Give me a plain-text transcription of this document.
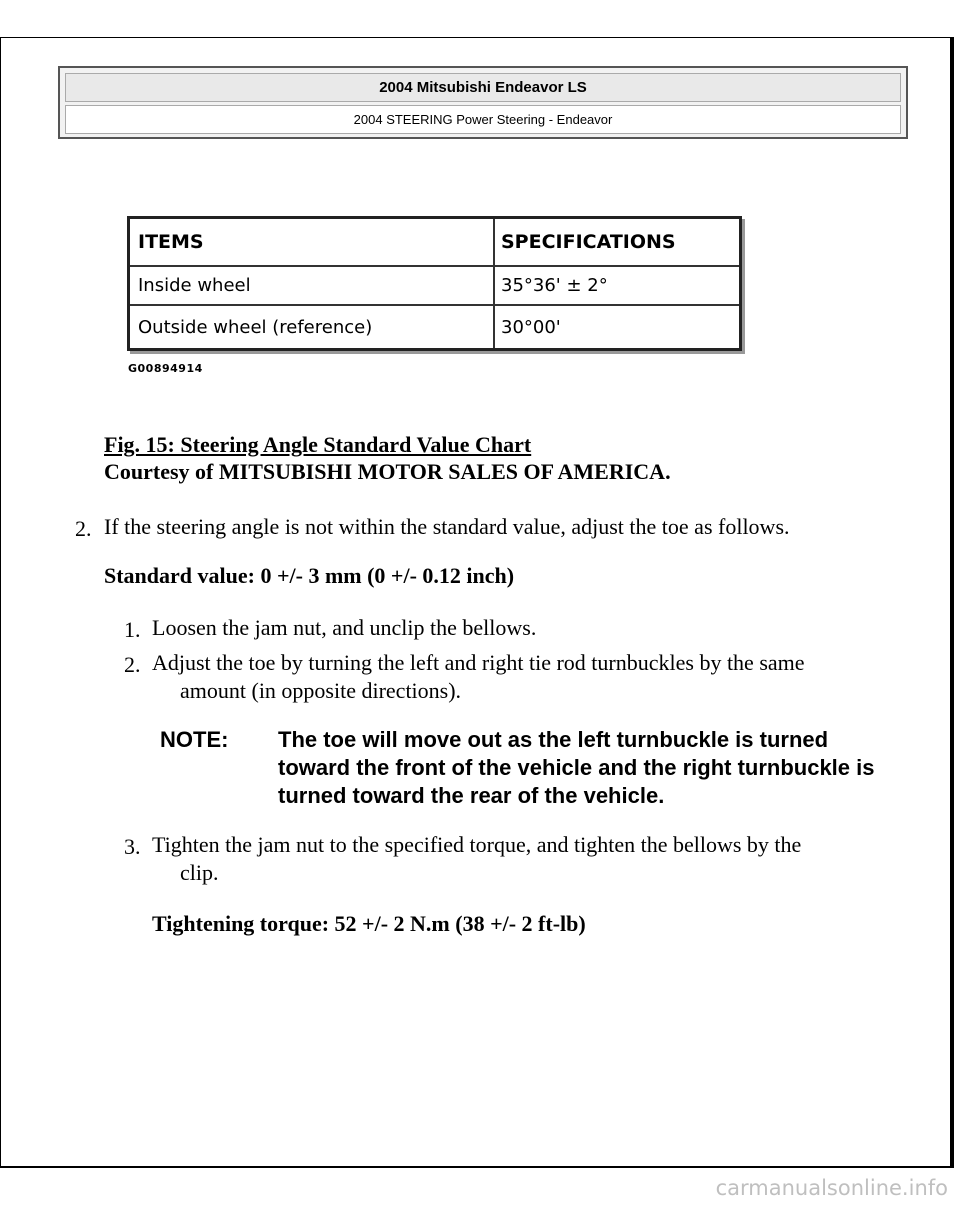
2004 Mitsubishi Endeavor LS
2004 STEERING Power Steering - Endeavor
ITEMS	SPECIFICATIONS
Inside wheel	35°36' ± 2°
Outside wheel (reference)	30°00'
G00894914
Fig. 15: Steering Angle Standard Value Chart
Courtesy of MITSUBISHI MOTOR SALES OF AMERICA.
2. If the steering angle is not within the standard value, adjust the toe as follows.
Standard value: 0 +/- 3 mm (0 +/- 0.12 inch)
1. Loosen the jam nut, and unclip the bellows.
2. Adjust the toe by turning the left and right tie rod turnbuckles by the same
amount (in opposite directions).
NOTE: The toe will move out as the left turnbuckle is turned toward the front of the vehicle and the right turnbuckle is turned toward the rear of the vehicle.
3. Tighten the jam nut to the specified torque, and tighten the bellows by the
clip.
Tightening torque: 52 +/- 2 N.m (38 +/- 2 ft-lb)
carmanualsonline.info
